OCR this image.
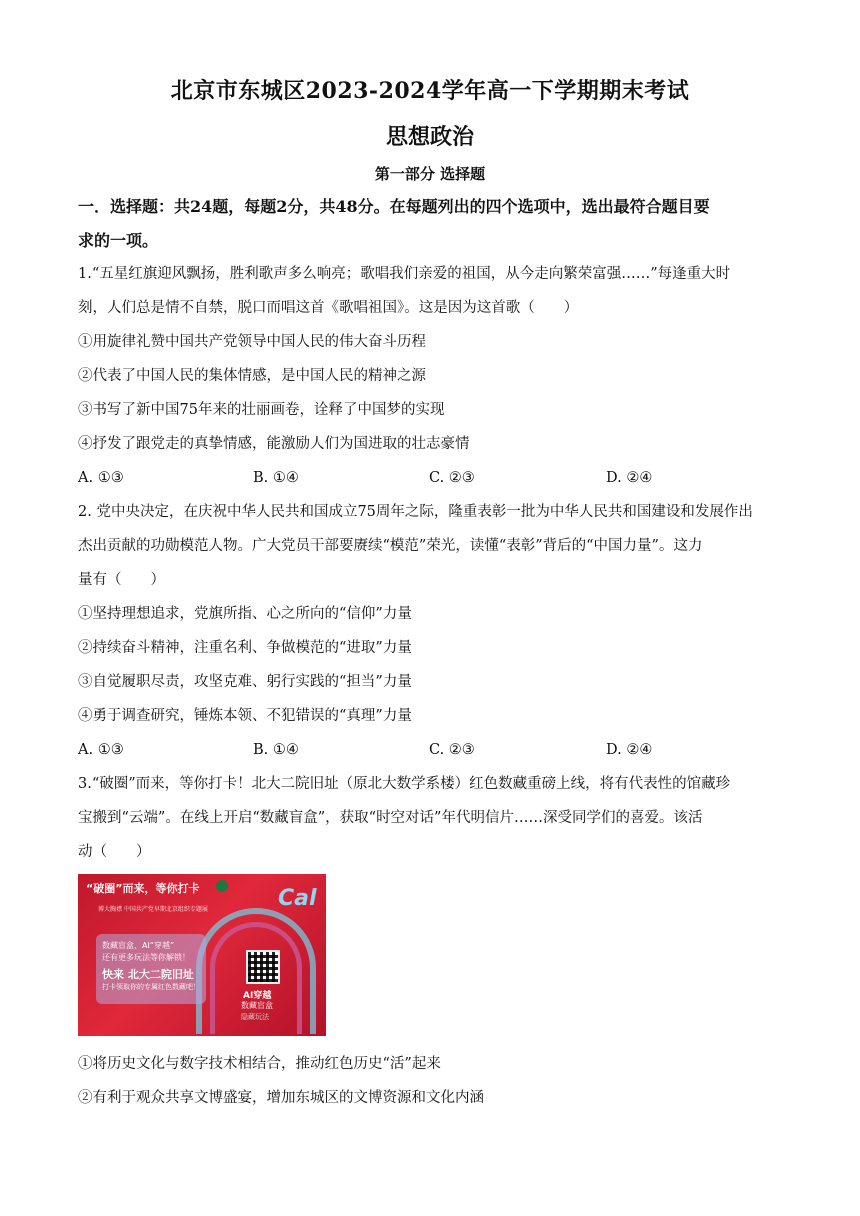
北京市东城区2023-2024学年高一下学期期末考试
思想政治
第一部分 选择题
一．选择题：共24题，每题2分，共48分。在每题列出的四个选项中，选出最符合题目要
求的一项。
1.“五星红旗迎风飘扬，胜利歌声多么响亮；歌唱我们亲爱的祖国，从今走向繁荣富强……”每逢重大时
刻，人们总是情不自禁，脱口而唱这首《歌唱祖国》。这是因为这首歌（　　）
①用旋律礼赞中国共产党领导中国人民的伟大奋斗历程
②代表了中国人民的集体情感，是中国人民的精神之源
③书写了新中国75年来的壮丽画卷，诠释了中国梦的实现
④抒发了跟党走的真挚情感，能激励人们为国进取的壮志豪情
A. ①③	B. ①④	C. ②③	D. ②④
2. 党中央决定，在庆祝中华人民共和国成立75周年之际，隆重表彰一批为中华人民共和国建设和发展作出
杰出贡献的功勋模范人物。广大党员干部要赓续“模范”荣光，读懂“表彰”背后的“中国力量”。这力
量有（　　）
①坚持理想追求，党旗所指、心之所向的“信仰”力量
②持续奋斗精神，注重名利、争做模范的“进取”力量
③自觉履职尽责，攻坚克难、躬行实践的“担当”力量
④勇于调查研究，锤炼本领、不犯错误的“真理”力量
A. ①③	B. ①④	C. ②③	D. ②④
3.“破圈”而来，等你打卡！北大二院旧址（原北大数学系楼）红色数藏重磅上线，将有代表性的馆藏珍
宝搬到“云端”。在线上开启“数藏盲盒”，获取“时空对话”年代明信片……深受同学们的喜爱。该活
动（　　）
“破圈”而来，等你打卡	Cal
博大胸襟 中国共产党早期北京组织专题展
数藏盲盒、AI“穿越”
还有更多玩法等你解锁！
快来 北大二院旧址
打卡领取你的专属红色数藏吧！
AI穿越
数藏盲盒
隐藏玩法
①将历史文化与数字技术相结合，推动红色历史“活”起来
②有利于观众共享文博盛宴，增加东城区的文博资源和文化内涵
